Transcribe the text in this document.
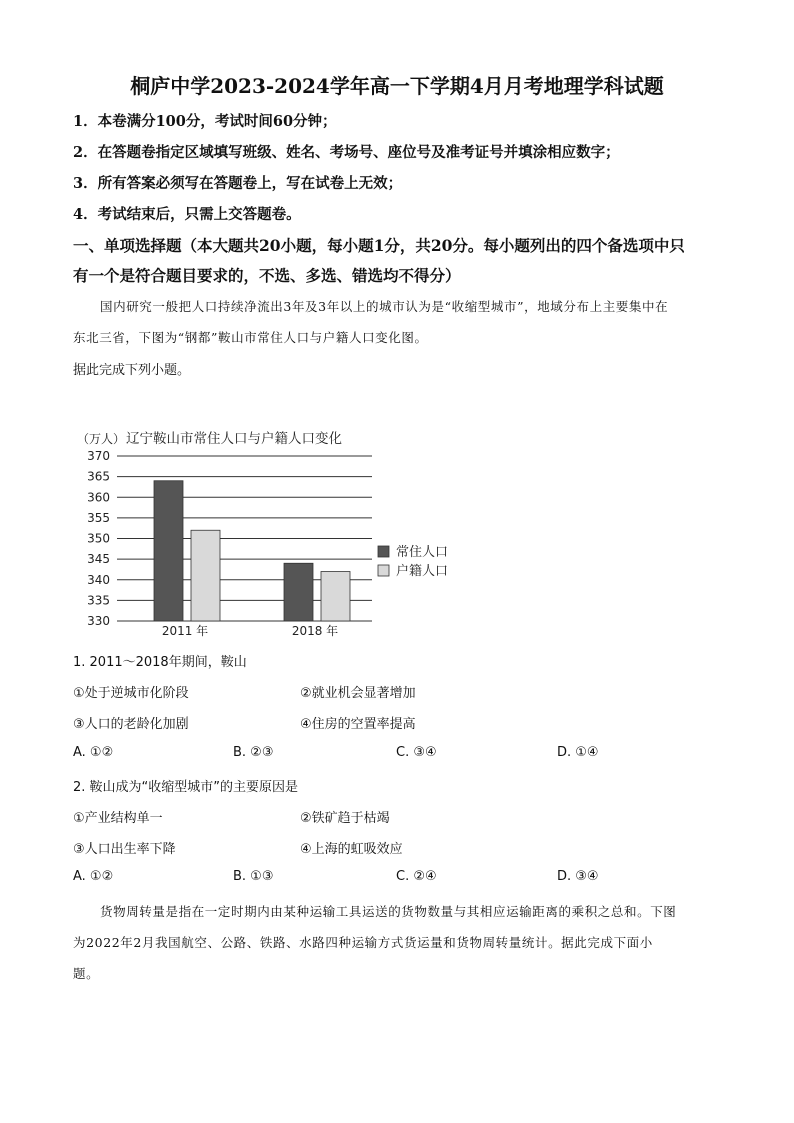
桐庐中学2023-2024学年高一下学期4月月考地理学科试题
1．本卷满分100分，考试时间60分钟；
2．在答题卷指定区域填写班级、姓名、考场号、座位号及准考证号并填涂相应数字；
3．所有答案必须写在答题卷上，写在试卷上无效；
4．考试结束后，只需上交答题卷。
一、单项选择题（本大题共20小题，每小题1分，共20分。每小题列出的四个备选项中只
有一个是符合题目要求的，不选、多选、错选均不得分）
国内研究一般把人口持续净流出3年及3年以上的城市认为是“收缩型城市”，地域分布上主要集中在
东北三省，下图为“钢都”鞍山市常住人口与户籍人口变化图。
据此完成下列小题。
（万人） 辽宁鞍山市常住人口与户籍人口变化
330
335
340
345
350
355
360
365
370
2011 年	2018 年
常住人口
户籍人口
1. 2011～2018年期间，鞍山
①处于逆城市化阶段	②就业机会显著增加
③人口的老龄化加剧	④住房的空置率提高
A. ①②	B. ②③	C. ③④	D. ①④
2. 鞍山成为“收缩型城市”的主要原因是
①产业结构单一	②铁矿趋于枯竭
③人口出生率下降	④上海的虹吸效应
A. ①②	B. ①③	C. ②④	D. ③④
货物周转量是指在一定时期内由某种运输工具运送的货物数量与其相应运输距离的乘积之总和。下图
为2022年2月我国航空、公路、铁路、水路四种运输方式货运量和货物周转量统计。据此完成下面小
题。
